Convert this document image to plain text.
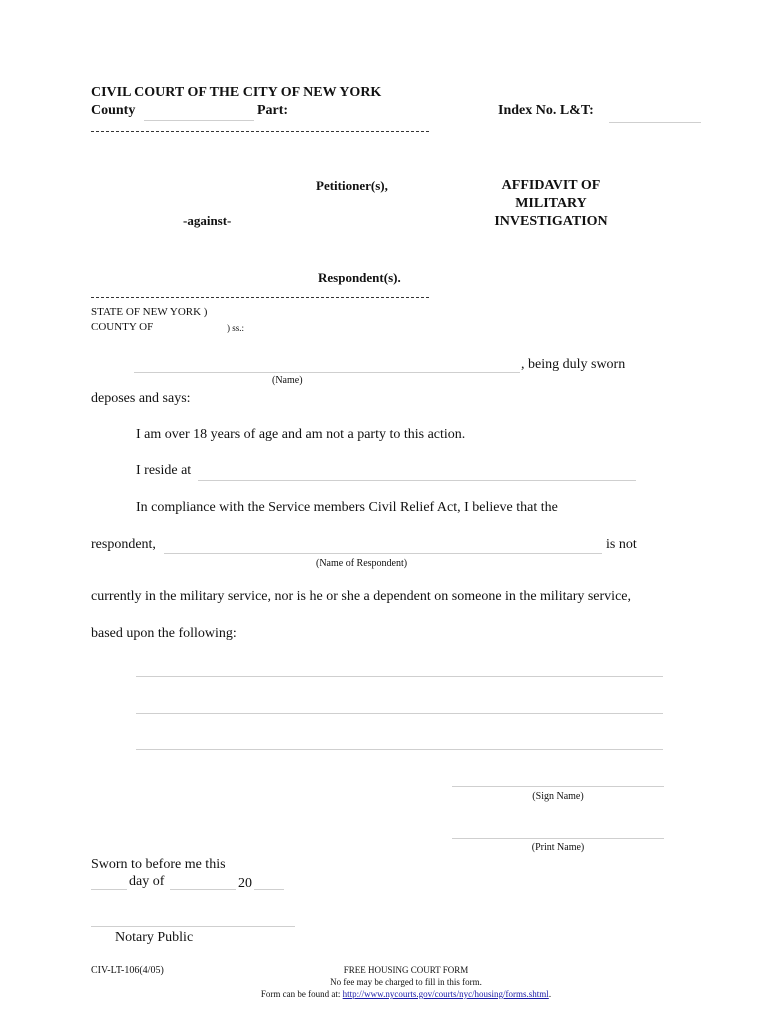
CIVIL COURT OF THE CITY OF NEW YORK
County	Part:	Index No. L&T:
Petitioner(s),
-against-
Respondent(s).
AFFIDAVIT OF
MILITARY
INVESTIGATION
STATE OF NEW YORK )
COUNTY OF	) ss.:
, being duly sworn
(Name)
deposes and says:
I am over 18 years of age and am not a party to this action.
I reside at
In compliance with the Service members Civil Relief Act, I believe that the
respondent,	is not
(Name of Respondent)
currently in the military service, nor is he or she a dependent on someone in the military service,
based upon the following:
(Sign Name)
(Print Name)
Sworn to before me this
day of	20
Notary Public
CIV-LT-106(4/05)	FREE HOUSING COURT FORM
No fee may be charged to fill in this form.
Form can be found at: http://www.nycourts.gov/courts/nyc/housing/forms.shtml.
